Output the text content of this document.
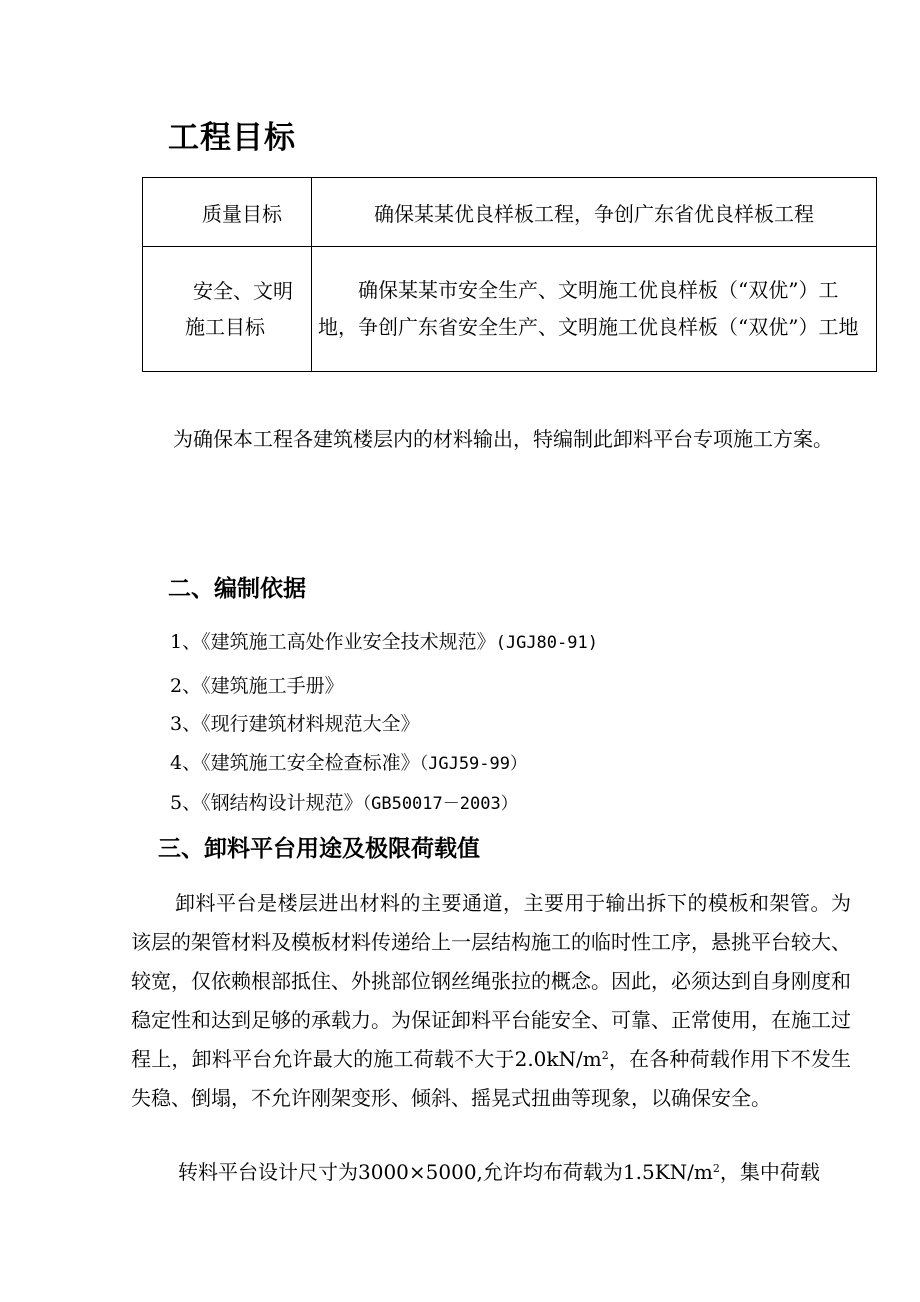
工程目标
质量目标	确保某某优良样板工程，争创广东省优良样板工程

安全、文明
施工目标	确保某某市安全生产、文明施工优良样板（“双优”）工地，争创广东省安全生产、文明施工优良样板（“双优”）工地
为确保本工程各建筑楼层内的材料输出，特编制此卸料平台专项施工方案。
二、编制依据
1、《建筑施工高处作业安全技术规范》(JGJ80-91)
2、《建筑施工手册》
3、《现行建筑材料规范大全》
4、《建筑施工安全检查标准》（JGJ59-99）
5、《钢结构设计规范》（GB50017－2003）
三、卸料平台用途及极限荷载值
卸料平台是楼层进出材料的主要通道，主要用于输出拆下的模板和架管。为该层的架管材料及模板材料传递给上一层结构施工的临时性工序，悬挑平台较大、较宽，仅依赖根部抵住、外挑部位钢丝绳张拉的概念。因此，必须达到自身刚度和稳定性和达到足够的承载力。为保证卸料平台能安全、可靠、正常使用，在施工过程上，卸料平台允许最大的施工荷载不大于$2.0kN/m^2$，在各种荷载作用下不发生失稳、倒塌，不允许刚架变形、倾斜、摇晃式扭曲等现象，以确保安全。
转料平台设计尺寸为3000×5000,允许均布荷载为$1.5KN/m^2$，集中荷载
